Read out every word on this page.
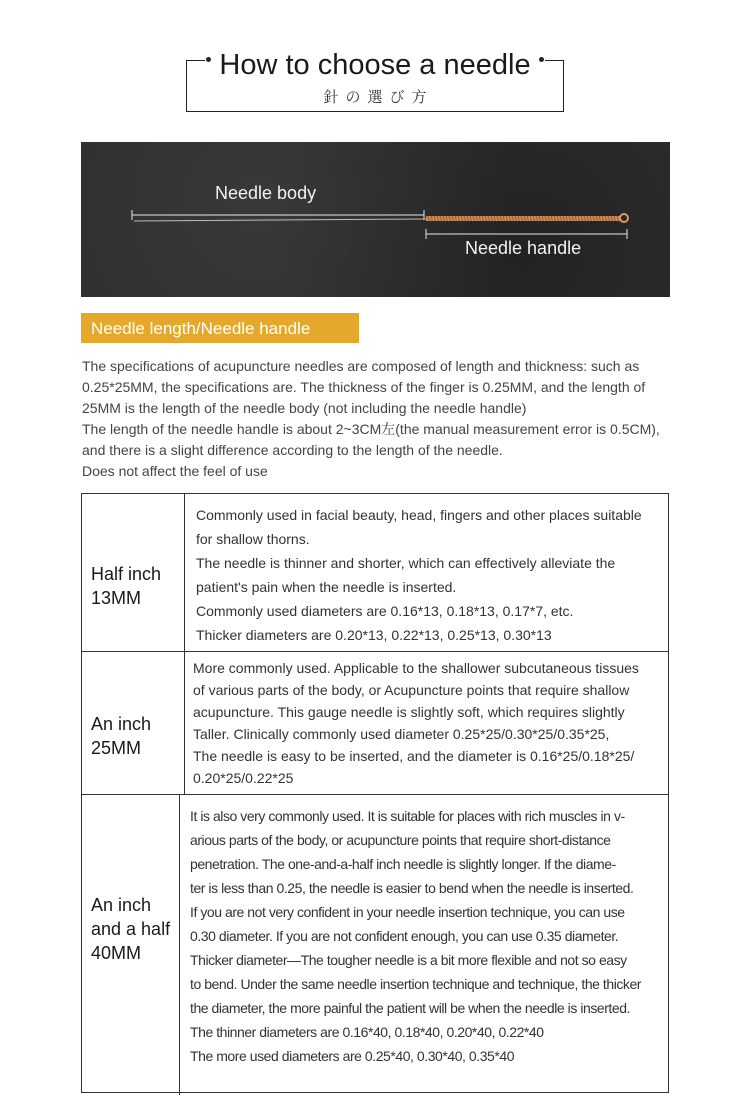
How to choose a needle
針の選び方
Needle body
Needle handle
Needle length/Needle handle

The specifications of acupuncture needles are composed of length and thickness: such as

0.25*25MM, the specifications are. The thickness of the finger is 0.25MM, and the length of

25MM is the length of the needle body (not including the needle handle)

The length of the needle handle is about 2~3CM左(the manual measurement error is 0.5CM),

and there is a slight difference according to the length of the needle.

Does not affect the feel of use

Half inch
13MM
Commonly used in facial beauty, head, fingers and other places suitable
for shallow thorns.
The needle is thinner and shorter, which can effectively alleviate the
patient's pain when the needle is inserted.
Commonly used diameters are 0.16*13, 0.18*13, 0.17*7, etc.
Thicker diameters are 0.20*13, 0.22*13, 0.25*13, 0.30*13
An inch
25MM
More commonly used. Applicable to the shallower subcutaneous tissues
of various parts of the body, or Acupuncture points that require shallow
acupuncture. This gauge needle is slightly soft, which requires slightly
Taller. Clinically commonly used diameter 0.25*25/0.30*25/0.35*25,
The needle is easy to be inserted, and the diameter is 0.16*25/0.18*25/
0.20*25/0.22*25
An inch
and a half
40MM
It is also very commonly used. It is suitable for places with rich muscles in v-
arious parts of the body, or acupuncture points that require short-distance
penetration. The one-and-a-half inch needle is slightly longer. If the diame-
ter is less than 0.25, the needle is easier to bend when the needle is inserted.
If you are not very confident in your needle insertion technique, you can use
0.30 diameter. If you are not confident enough, you can use 0.35 diameter.
Thicker diameter—The tougher needle is a bit more flexible and not so easy
to bend. Under the same needle insertion technique and technique, the thicker
the diameter, the more painful the patient will be when the needle is inserted.
The thinner diameters are 0.16*40, 0.18*40, 0.20*40, 0.22*40
The more used diameters are 0.25*40, 0.30*40, 0.35*40
